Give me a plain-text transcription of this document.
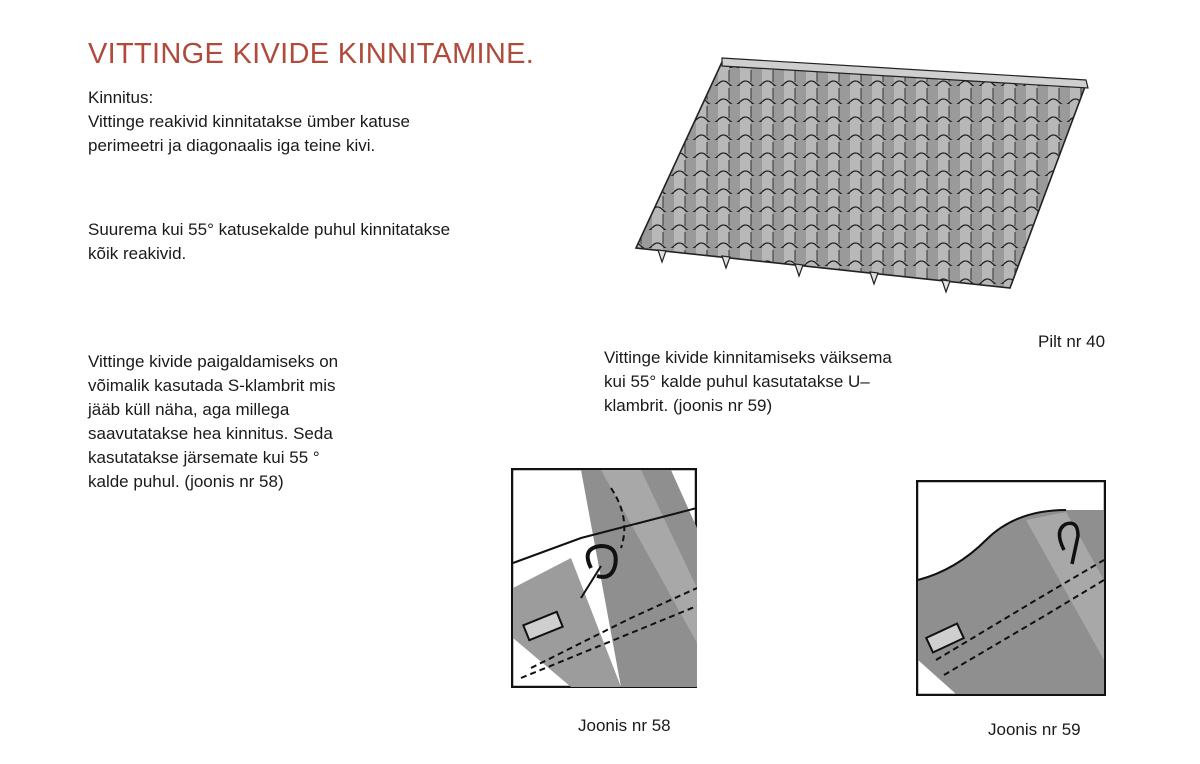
VITTINGE KIVIDE KINNITAMINE.
Kinnitus:
Vittinge reakivid kinnitatakse ümber katuse
perimeetri ja diagonaalis iga teine kivi.
Suurema kui 55° katusekalde puhul kinnitatakse
kõik reakivid.
Vittinge kivide paigaldamiseks on
võimalik kasutada S-klambrit mis
jääb küll näha, aga millega
saavutatakse hea kinnitus. Seda
kasutatakse järsemate kui 55 °
kalde puhul. (joonis nr 58)
Vittinge kivide kinnitamiseks väiksema
kui 55° kalde puhul kasutatakse U–
klambrit. (joonis nr 59)
Pilt nr 40
Joonis nr 58	Joonis nr 59
